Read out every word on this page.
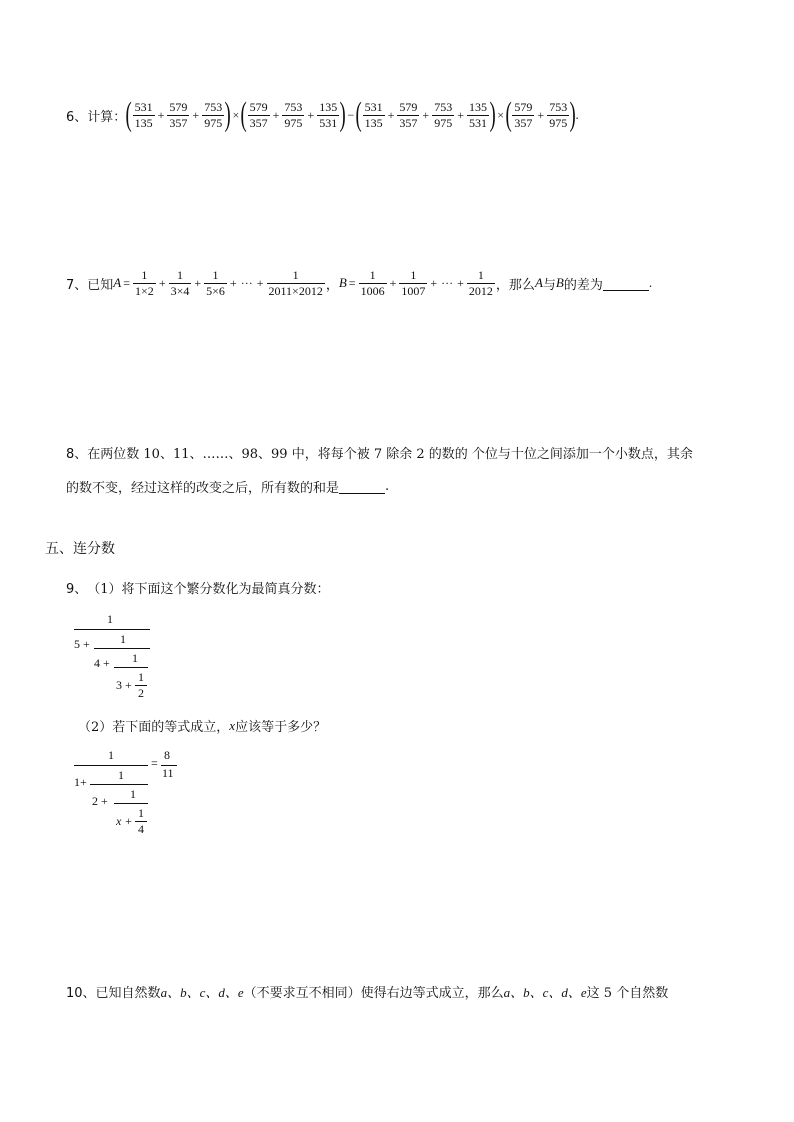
6、 计算： ( $\frac{531}{135} + \frac{579}{357} + \frac{753}{975}$ ) × ( $\frac{579}{357} + \frac{753}{975} + \frac{135}{531}$ ) − ( $\frac{531}{135} + \frac{579}{357} + \frac{753}{975} + \frac{135}{531}$ ) × ( $\frac{579}{357} + \frac{753}{975}$ ) .
7、 已知 $A = \frac{1}{1\times 2} + \frac{1}{3\times 4} + \frac{1}{5\times 6}$ + ··· + $\frac{1}{2011\times 2012}$ ， $B = \frac{1}{1006} + \frac{1}{1007}$ + ··· + $\frac{1}{2012}$ ，那么 A 与 B 的差为	.
8、 在两位数 10、11、……、98、99 中，将每个被 7 除余 2 的数的 个位与十位之间添加一个小数点，其余
的数不变，经过这样的改变之后，所有数的和是	.
五、连分数
9、 （1）将下面这个繁分数化为最简真分数：
1
5 +	1
4 + 1
3 +
1
2
（2）若下面的等式成立， x 应该等于多少？
1
=
8
11
1+	1
2 + 1
x +
1
4
10、 已知自然数 a、b、c、d、e （不要求互不相同）使得右边等式成立，那么 a、b、c、d、e 这 5 个自然数
